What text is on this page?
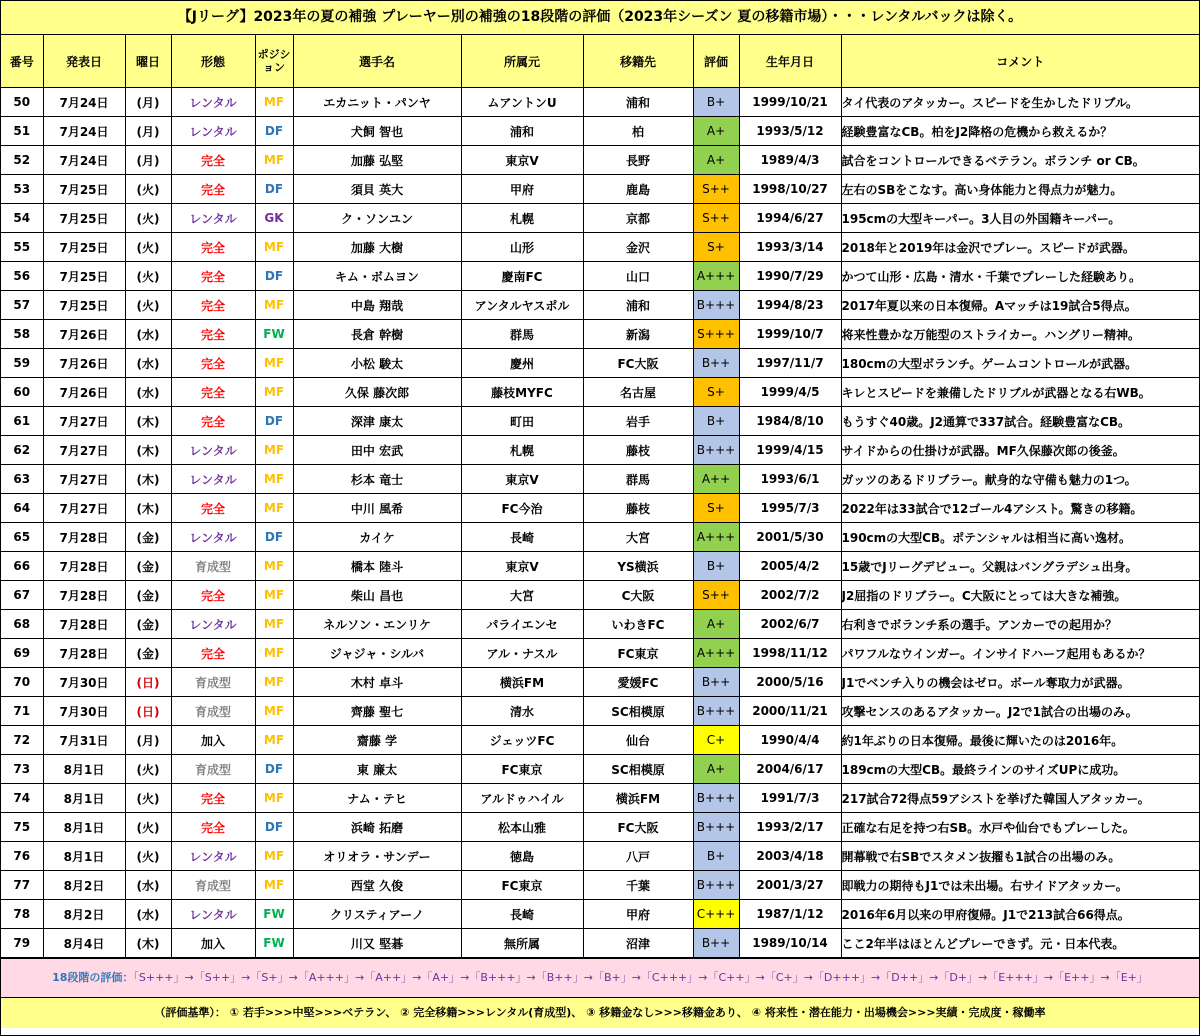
【Jリーグ】2023年の夏の補強 プレーヤー別の補強の18段階の評価（2023年シーズン 夏の移籍市場）・・・レンタルバックは除く。
番号	発表日	曜日	形態	ポジション	選手名	所属元	移籍先	評価	生年月日	コメント
50	7月24日	(月)	レンタル	MF	エカニット・パンヤ	ムアントンU	浦和	B+	1999/10/21	タイ代表のアタッカー。スピードを生かしたドリブル。
51	7月24日	(月)	レンタル	DF	犬飼 智也	浦和	柏	A+	1993/5/12	経験豊富なCB。柏をJ2降格の危機から救えるか？
52	7月24日	(月)	完全	MF	加藤 弘堅	東京V	長野	A+	1989/4/3	試合をコントロールできるベテラン。ボランチ or CB。
53	7月25日	(火)	完全	DF	須貝 英大	甲府	鹿島	S++	1998/10/27	左右のSBをこなす。高い身体能力と得点力が魅力。
54	7月25日	(火)	レンタル	GK	ク・ソンユン	札幌	京都	S++	1994/6/27	195cmの大型キーパー。3人目の外国籍キーパー。
55	7月25日	(火)	完全	MF	加藤 大樹	山形	金沢	S+	1993/3/14	2018年と2019年は金沢でプレー。スピードが武器。
56	7月25日	(火)	完全	DF	キム・ボムヨン	慶南FC	山口	A+++	1990/7/29	かつて山形・広島・清水・千葉でプレーした経験あり。
57	7月25日	(火)	完全	MF	中島 翔哉	アンタルヤスポル	浦和	B+++	1994/8/23	2017年夏以来の日本復帰。Aマッチは19試合5得点。
58	7月26日	(水)	完全	FW	長倉 幹樹	群馬	新潟	S+++	1999/10/7	将来性豊かな万能型のストライカー。ハングリー精神。
59	7月26日	(水)	完全	MF	小松 駿太	慶州	FC大阪	B++	1997/11/7	180cmの大型ボランチ。ゲームコントロールが武器。
60	7月26日	(水)	完全	MF	久保 藤次郎	藤枝MYFC	名古屋	S+	1999/4/5	キレとスピードを兼備したドリブルが武器となる右WB。
61	7月27日	(木)	完全	DF	深津 康太	町田	岩手	B+	1984/8/10	もうすぐ40歳。J2通算で337試合。経験豊富なCB。
62	7月27日	(木)	レンタル	MF	田中 宏武	札幌	藤枝	B+++	1999/4/15	サイドからの仕掛けが武器。MF久保藤次郎の後釜。
63	7月27日	(木)	レンタル	MF	杉本 竜士	東京V	群馬	A++	1993/6/1	ガッツのあるドリブラー。献身的な守備も魅力の1つ。
64	7月27日	(木)	完全	MF	中川 風希	FC今治	藤枝	S+	1995/7/3	2022年は33試合で12ゴール4アシスト。驚きの移籍。
65	7月28日	(金)	レンタル	DF	カイケ	長崎	大宮	A+++	2001/5/30	190cmの大型CB。ポテンシャルは相当に高い逸材。
66	7月28日	(金)	育成型	MF	橋本 陸斗	東京V	YS横浜	B+	2005/4/2	15歳でJリーグデビュー。父親はバングラデシュ出身。
67	7月28日	(金)	完全	MF	柴山 昌也	大宮	C大阪	S++	2002/7/2	J2屈指のドリブラー。C大阪にとっては大きな補強。
68	7月28日	(金)	レンタル	MF	ネルソン・エンリケ	パライエンセ	いわきFC	A+	2002/6/7	右利きでボランチ系の選手。アンカーでの起用か？
69	7月28日	(金)	完全	MF	ジャジャ・シルバ	アル・ナスル	FC東京	A+++	1998/11/12	パワフルなウインガー。インサイドハーフ起用もあるか？
70	7月30日	(日)	育成型	MF	木村 卓斗	横浜FM	愛媛FC	B++	2000/5/16	J1でベンチ入りの機会はゼロ。ボール奪取力が武器。
71	7月30日	(日)	育成型	MF	齊藤 聖七	清水	SC相模原	B+++	2000/11/21	攻撃センスのあるアタッカー。J2で1試合の出場のみ。
72	7月31日	(月)	加入	MF	齋藤 学	ジェッツFC	仙台	C+	1990/4/4	約1年ぶりの日本復帰。最後に輝いたのは2016年。
73	8月1日	(火)	育成型	DF	東 廉太	FC東京	SC相模原	A+	2004/6/17	189cmの大型CB。最終ラインのサイズUPに成功。
74	8月1日	(火)	完全	MF	ナム・テヒ	アルドゥハイル	横浜FM	B+++	1991/7/3	217試合72得点59アシストを挙げた韓国人アタッカー。
75	8月1日	(火)	完全	DF	浜崎 拓磨	松本山雅	FC大阪	B+++	1993/2/17	正確な右足を持つ右SB。水戸や仙台でもプレーした。
76	8月1日	(火)	レンタル	MF	オリオラ・サンデー	徳島	八戸	B+	2003/4/18	開幕戦で右SBでスタメン抜擢も1試合の出場のみ。
77	8月2日	(水)	育成型	MF	西堂 久俊	FC東京	千葉	B+++	2001/3/27	即戦力の期待もJ1では未出場。右サイドアタッカー。
78	8月2日	(水)	レンタル	FW	クリスティアーノ	長崎	甲府	C+++	1987/1/12	2016年6月以来の甲府復帰。J1で213試合66得点。
79	8月4日	(木)	加入	FW	川又 堅碁	無所属	沼津	B++	1989/10/14	ここ2年半はほとんどプレーできず。元・日本代表。
18段階の評価：「S+++」→「S++」→「S+」→「A+++」→「A++」→「A+」→「B+++」→「B++」→「B+」→「C+++」→「C++」→「C+」→「D+++」→「D++」→「D+」→「E+++」→「E++」→「E+」
（評価基準）： ① 若手>>>中堅>>>ベテラン、 ② 完全移籍>>>レンタル(育成型)、 ③ 移籍金なし>>>移籍金あり、 ④ 将来性・潜在能力・出場機会>>>実績・完成度・稼働率
